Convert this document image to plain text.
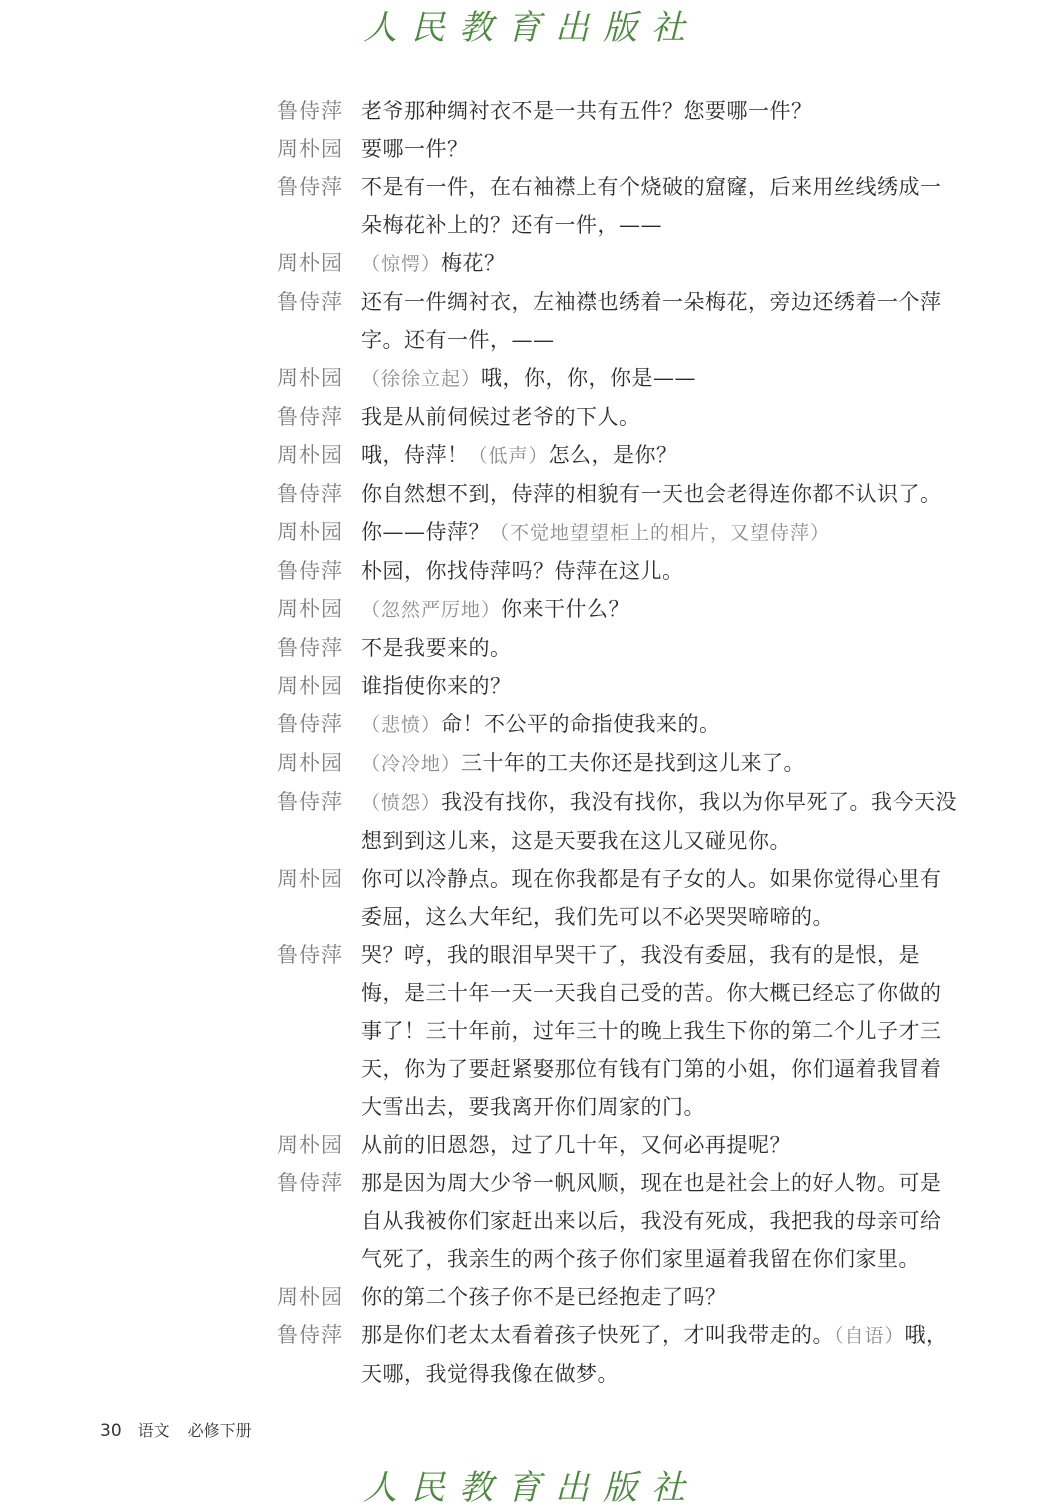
人民教育出版社
鲁侍萍 老爷那种绸衬衣不是一共有五件？您要哪一件？
周朴园 要哪一件？
鲁侍萍 不是有一件，在右袖襟上有个烧破的窟窿，后来用丝线绣成一朵梅花补上的？还有一件，——
周朴园 （惊愕）梅花？
鲁侍萍 还有一件绸衬衣，左袖襟也绣着一朵梅花，旁边还绣着一个萍字。还有一件，——
周朴园 （徐徐立起）哦，你，你，你是——
鲁侍萍 我是从前伺候过老爷的下人。
周朴园 哦，侍萍！（低声）怎么，是你？
鲁侍萍 你自然想不到，侍萍的相貌有一天也会老得连你都不认识了。
周朴园 你——侍萍？（不觉地望望柜上的相片，又望侍萍）
鲁侍萍 朴园，你找侍萍吗？侍萍在这儿。
周朴园 （忽然严厉地）你来干什么？
鲁侍萍 不是我要来的。
周朴园 谁指使你来的？
鲁侍萍 （悲愤）命！不公平的命指使我来的。
周朴园 （冷冷地）三十年的工夫你还是找到这儿来了。
鲁侍萍 （愤怨）我没有找你，我没有找你，我以为你早死了。我今天没想到到这儿来，这是天要我在这儿又碰见你。
周朴园 你可以冷静点。现在你我都是有子女的人。如果你觉得心里有委屈，这么大年纪，我们先可以不必哭哭啼啼的。
鲁侍萍 哭？哼，我的眼泪早哭干了，我没有委屈，我有的是恨，是悔，是三十年一天一天我自己受的苦。你大概已经忘了你做的事了！三十年前，过年三十的晚上我生下你的第二个儿子才三天，你为了要赶紧娶那位有钱有门第的小姐，你们逼着我冒着大雪出去，要我离开你们周家的门。
周朴园 从前的旧恩怨，过了几十年，又何必再提呢？
鲁侍萍 那是因为周大少爷一帆风顺，现在也是社会上的好人物。可是自从我被你们家赶出来以后，我没有死成，我把我的母亲可给气死了，我亲生的两个孩子你们家里逼着我留在你们家里。
周朴园 你的第二个孩子你不是已经抱走了吗？
鲁侍萍 那是你们老太太看着孩子快死了，才叫我带走的。（自语）哦，天哪，我觉得我像在做梦。
30 语文 必修下册
人民教育出版社
